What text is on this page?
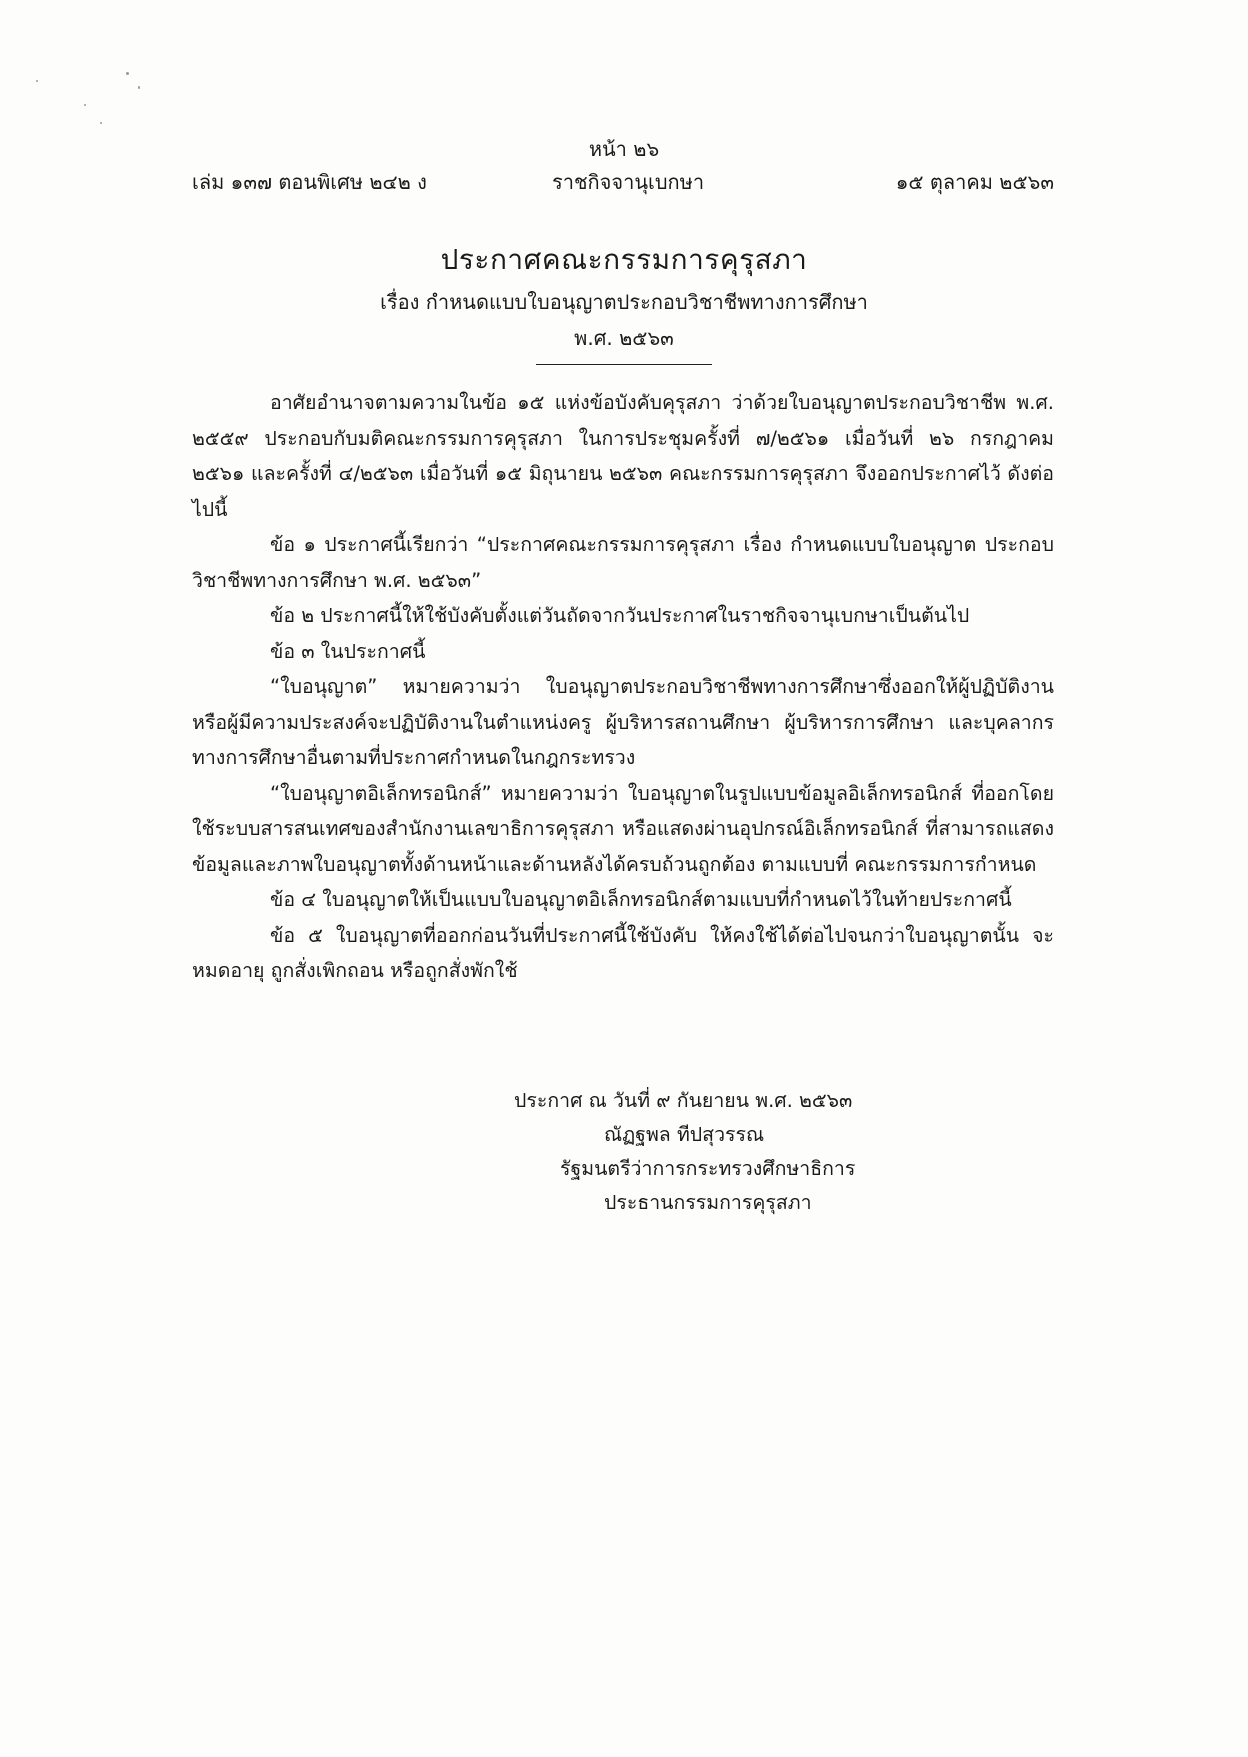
หน้า ๒๖
เล่ม ๑๓๗ ตอนพิเศษ ๒๔๒ ง	ราชกิจจานุเบกษา	๑๕ ตุลาคม ๒๕๖๓
ประกาศคณะกรรมการคุรุสภา
เรื่อง กำหนดแบบใบอนุญาตประกอบวิชาชีพทางการศึกษา
พ.ศ. ๒๕๖๓

อาศัยอำนาจตามความในข้อ ๑๕ แห่งข้อบังคับคุรุสภา ว่าด้วยใบอนุญาตประกอบวิชาชีพ พ.ศ. ๒๕๕๙ ประกอบกับมติคณะกรรมการคุรุสภา ในการประชุมครั้งที่ ๗/๒๕๖๑ เมื่อวันที่ ๒๖ กรกฎาคม ๒๕๖๑ และครั้งที่ ๔/๒๕๖๓ เมื่อวันที่ ๑๕ มิถุนายน ๒๕๖๓ คณะกรรมการคุรุสภา จึงออกประกาศไว้ ดังต่อไปนี้

ข้อ ๑ ประกาศนี้เรียกว่า “ประกาศคณะกรรมการคุรุสภา เรื่อง กำหนดแบบใบอนุญาต ประกอบวิชาชีพทางการศึกษา พ.ศ. ๒๕๖๓”

ข้อ ๒ ประกาศนี้ให้ใช้บังคับตั้งแต่วันถัดจากวันประกาศในราชกิจจานุเบกษาเป็นต้นไป

ข้อ ๓ ในประกาศนี้

“ใบอนุญาต” หมายความว่า ใบอนุญาตประกอบวิชาชีพทางการศึกษาซึ่งออกให้ผู้ปฏิบัติงาน หรือผู้มีความประสงค์จะปฏิบัติงานในตำแหน่งครู ผู้บริหารสถานศึกษา ผู้บริหารการศึกษา และบุคลากร ทางการศึกษาอื่นตามที่ประกาศกำหนดในกฎกระทรวง

“ใบอนุญาตอิเล็กทรอนิกส์” หมายความว่า ใบอนุญาตในรูปแบบข้อมูลอิเล็กทรอนิกส์ ที่ออกโดยใช้ระบบสารสนเทศของสำนักงานเลขาธิการคุรุสภา หรือแสดงผ่านอุปกรณ์อิเล็กทรอนิกส์ ที่สามารถแสดงข้อมูลและภาพใบอนุญาตทั้งด้านหน้าและด้านหลังได้ครบถ้วนถูกต้อง ตามแบบที่ คณะกรรมการกำหนด

ข้อ ๔ ใบอนุญาตให้เป็นแบบใบอนุญาตอิเล็กทรอนิกส์ตามแบบที่กำหนดไว้ในท้ายประกาศนี้

ข้อ ๕ ใบอนุญาตที่ออกก่อนวันที่ประกาศนี้ใช้บังคับ ให้คงใช้ได้ต่อไปจนกว่าใบอนุญาตนั้น จะหมดอายุ ถูกสั่งเพิกถอน หรือถูกสั่งพักใช้

ประกาศ ณ วันที่ ๙ กันยายน พ.ศ. ๒๕๖๓
ณัฏฐพล ทีปสุวรรณ
รัฐมนตรีว่าการกระทรวงศึกษาธิการ
ประธานกรรมการคุรุสภา
